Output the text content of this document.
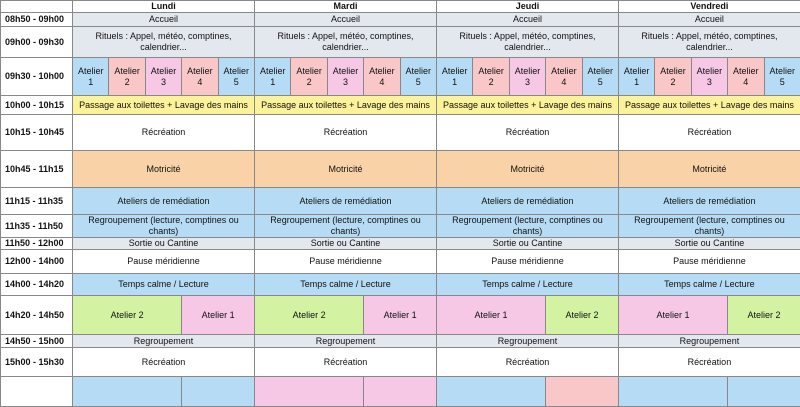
	Lundi					Mardi					Jeudi					Vendredi				
08h50 - 09h00	Accueil					Accueil					Accueil					Accueil				
09h00 - 09h30	Rituels : Appel, météo, comptines, calendrier...					Rituels : Appel, météo, comptines, calendrier...					Rituels : Appel, météo, comptines, calendrier...					Rituels : Appel, météo, comptines, calendrier...				
09h30 - 10h00	Atelier 1	Atelier 2	Atelier 3	Atelier 4	Atelier 5	Atelier 1	Atelier 2	Atelier 3	Atelier 4	Atelier 5	Atelier 1	Atelier 2	Atelier 3	Atelier 4	Atelier 5	Atelier 1	Atelier 2	Atelier 3	Atelier 4	Atelier 5
10h00 - 10h15	Passage aux toilettes + Lavage des mains					Passage aux toilettes + Lavage des mains					Passage aux toilettes + Lavage des mains					Passage aux toilettes + Lavage des mains				
10h15 - 10h45	Récréation					Récréation					Récréation					Récréation				
10h45 - 11h15	Motricité					Motricité					Motricité					Motricité				
11h15 - 11h35	Ateliers de remédiation					Ateliers de remédiation					Ateliers de remédiation					Ateliers de remédiation				
11h35 - 11h50	Regroupement (lecture, comptines ou chants)					Regroupement (lecture, comptines ou chants)					Regroupement (lecture, comptines ou chants)					Regroupement (lecture, comptines ou chants)				
11h50 - 12h00	Sortie ou Cantine					Sortie ou Cantine					Sortie ou Cantine					Sortie ou Cantine				
12h00 - 14h00	Pause méridienne					Pause méridienne					Pause méridienne					Pause méridienne				
14h00 - 14h20	Temps calme / Lecture					Temps calme / Lecture					Temps calme / Lecture					Temps calme / Lecture				
14h20 - 14h50	Atelier 2			Atelier 1		Atelier 2			Atelier 1		Atelier 1			Atelier 2		Atelier 1			Atelier 2	
14h50 - 15h00	Regroupement					Regroupement					Regroupement					Regroupement				
15h00 - 15h30	Récréation					Récréation					Récréation					Récréation				
